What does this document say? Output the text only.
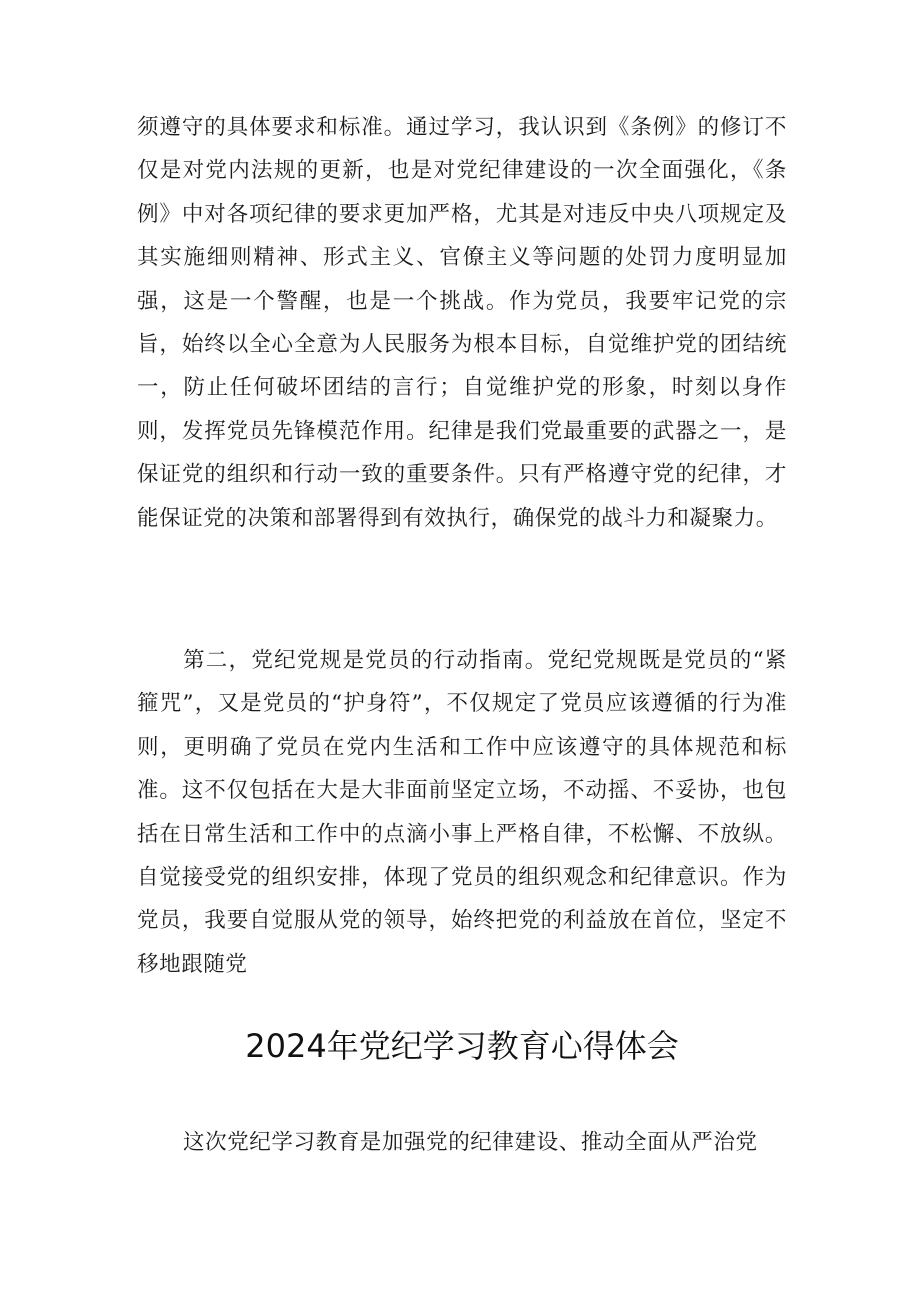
须遵守的具体要求和标准。通过学习，我认识到《条例》的修订不仅是对党内法规的更新，也是对党纪律建设的一次全面强化，《条例》中对各项纪律的要求更加严格，尤其是对违反中央八项规定及其实施细则精神、形式主义、官僚主义等问题的处罚力度明显加强，这是一个警醒，也是一个挑战。作为党员，我要牢记党的宗旨，始终以全心全意为人民服务为根本目标，自觉维护党的团结统一，防止任何破坏团结的言行；自觉维护党的形象，时刻以身作则，发挥党员先锋模范作用。纪律是我们党最重要的武器之一，是保证党的组织和行动一致的重要条件。只有严格遵守党的纪律，才能保证党的决策和部署得到有效执行，确保党的战斗力和凝聚力。

第二，党纪党规是党员的行动指南。党纪党规既是党员的“紧箍咒”，又是党员的“护身符”，不仅规定了党员应该遵循的行为准则，更明确了党员在党内生活和工作中应该遵守的具体规范和标准。这不仅包括在大是大非面前坚定立场，不动摇、不妥协，也包括在日常生活和工作中的点滴小事上严格自律，不松懈、不放纵。自觉接受党的组织安排，体现了党员的组织观念和纪律意识。作为党员，我要自觉服从党的领导，始终把党的利益放在首位，坚定不移地跟随党

2024年党纪学习教育心得体会

这次党纪学习教育是加强党的纪律建设、推动全面从严治党
